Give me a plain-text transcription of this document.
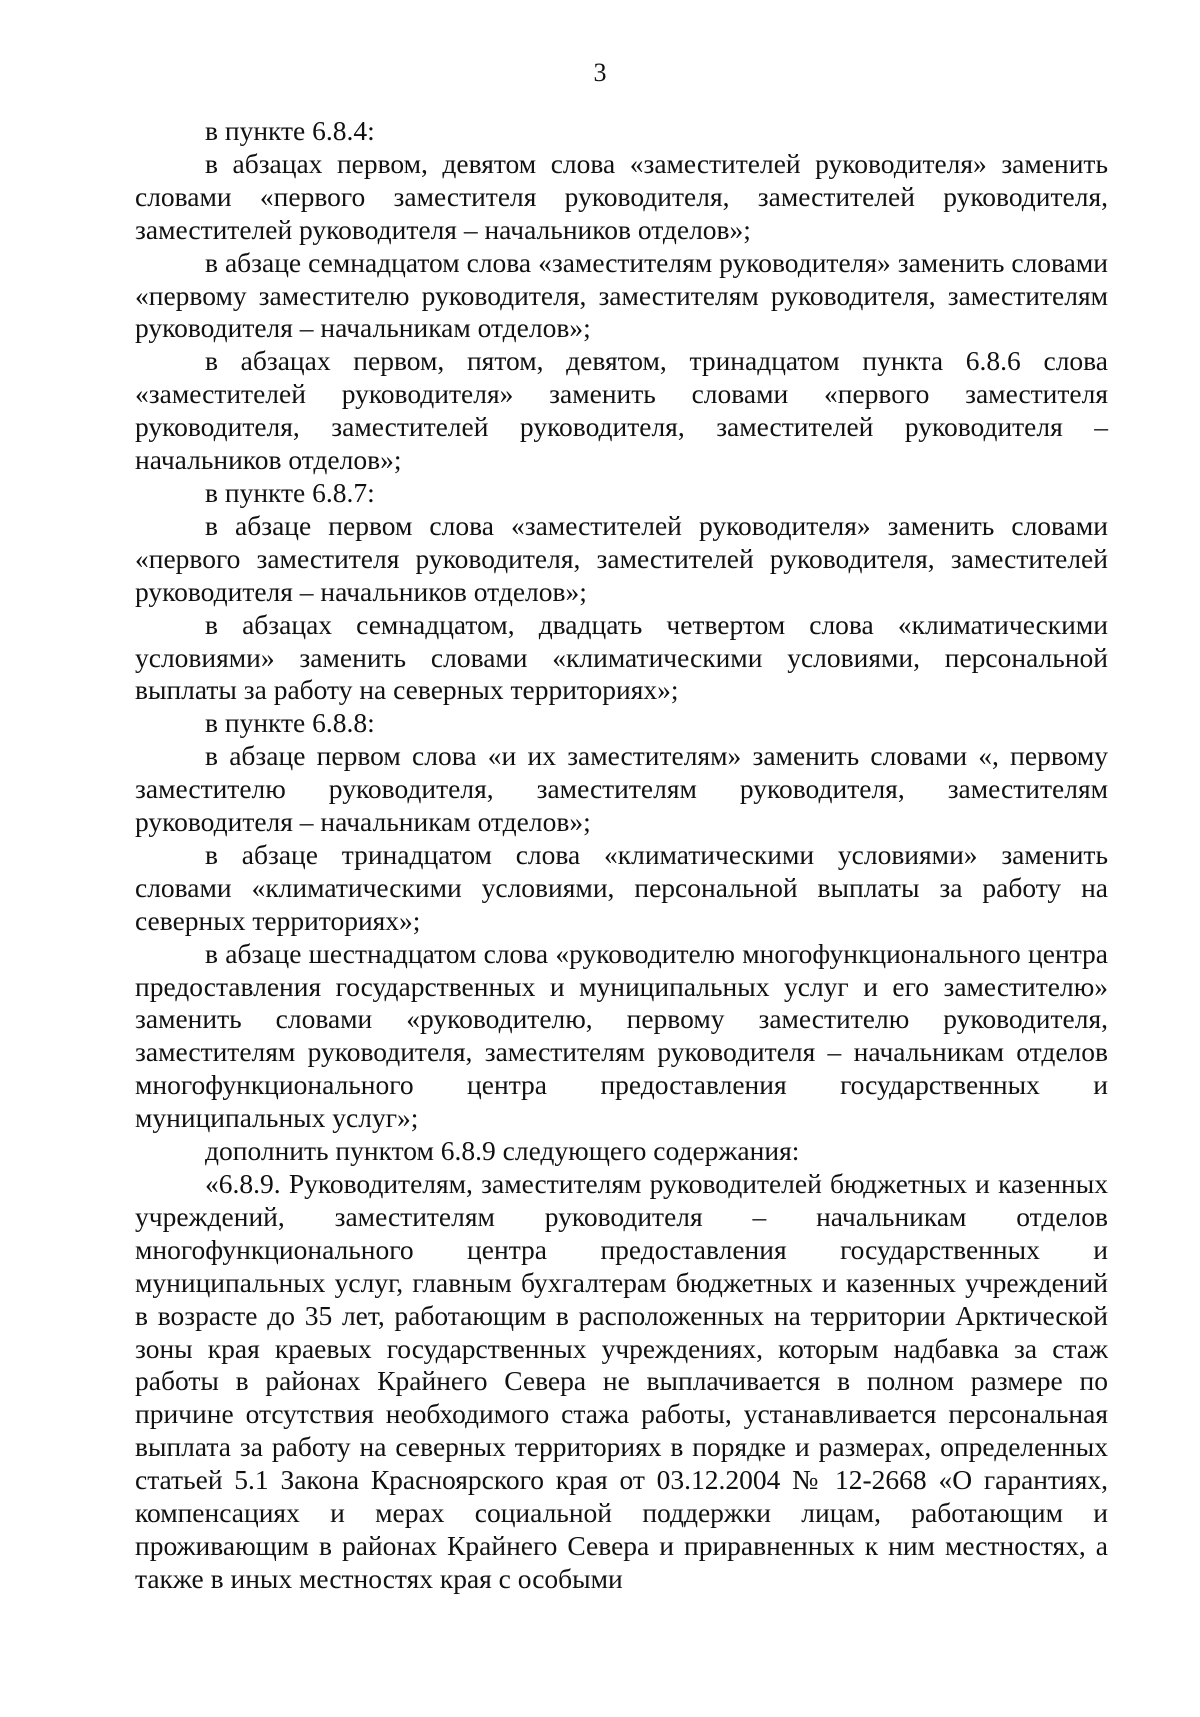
3

в пункте 6.8.4:

в абзацах первом, девятом слова «заместителей руководителя» заменить словами «первого заместителя руководителя, заместителей руководителя, заместителей руководителя – начальников отделов»;

в абзаце семнадцатом слова «заместителям руководителя» заменить словами «первому заместителю руководителя, заместителям руководителя, заместителям руководителя – начальникам отделов»;

в абзацах первом, пятом, девятом, тринадцатом пункта 6.8.6 слова «заместителей руководителя» заменить словами «первого заместителя руководителя, заместителей руководителя, заместителей руководителя – начальников отделов»;

в пункте 6.8.7:

в абзаце первом слова «заместителей руководителя» заменить словами «первого заместителя руководителя, заместителей руководителя, заместителей руководителя – начальников отделов»;

в абзацах семнадцатом, двадцать четвертом слова «климатическими условиями» заменить словами «климатическими условиями, персональной выплаты за работу на северных территориях»;

в пункте 6.8.8:

в абзаце первом слова «и их заместителям» заменить словами «, первому заместителю руководителя, заместителям руководителя, заместителям руководителя – начальникам отделов»;

в абзаце тринадцатом слова «климатическими условиями» заменить словами «климатическими условиями, персональной выплаты за работу на северных территориях»;

в абзаце шестнадцатом слова «руководителю многофункционального центра предоставления государственных и муниципальных услуг и его заместителю» заменить словами «руководителю, первому заместителю руководителя, заместителям руководителя, заместителям руководителя – начальникам отделов многофункционального центра предоставления государственных и муниципальных услуг»;

дополнить пунктом 6.8.9 следующего содержания:

«6.8.9. Руководителям, заместителям руководителей бюджетных и казенных учреждений, заместителям руководителя – начальникам отделов многофункционального центра предоставления государственных и муниципальных услуг, главным бухгалтерам бюджетных и казенных учреждений в возрасте до 35 лет, работающим в расположенных на территории Арктической зоны края краевых государственных учреждениях, которым надбавка за стаж работы в районах Крайнего Севера не выплачивается в полном размере по причине отсутствия необходимого стажа работы, устанавливается персональная выплата за работу на северных территориях в порядке и размерах, определенных статьей 5.1 Закона Красноярского края от 03.12.2004 № 12-2668 «О гарантиях, компенсациях и мерах социальной поддержки лицам, работающим и проживающим в районах Крайнего Севера и приравненных к ним местностях, а также в иных местностях края с особыми
